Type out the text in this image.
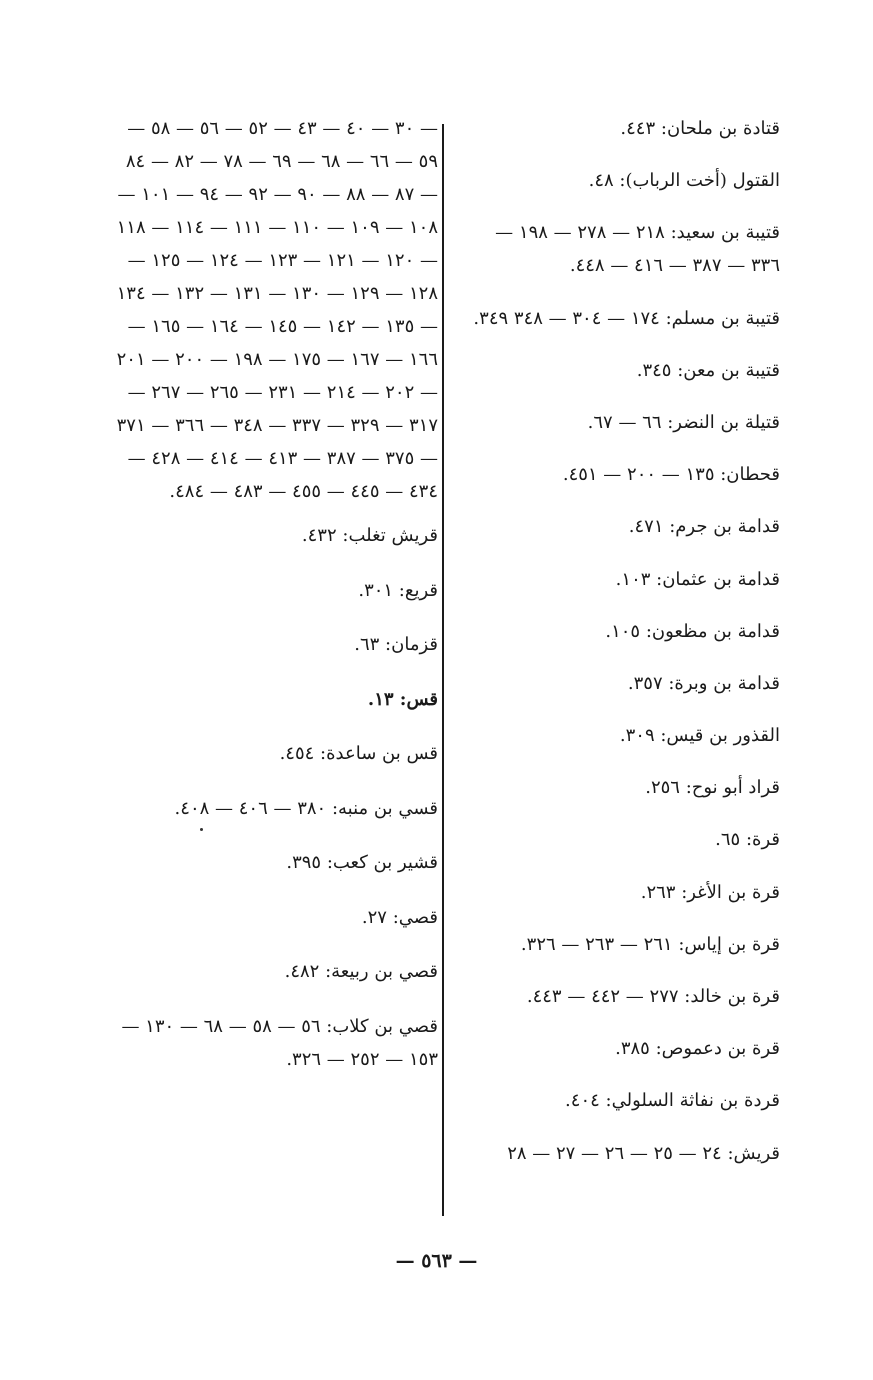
قتادة بن ملحان: ٤٤٣.
القتول (أخت الرباب): ٤٨.
قتيبة بن سعيد: ٢١٨ — ٢٧٨ — ١٩٨ — ٣٣٦ — ٣٨٧ — ٤١٦ — ٤٤٨.
قتيبة بن مسلم: ١٧٤ — ٣٠٤ — ٣٤٨ ٣٤٩.
قتيبة بن معن: ٣٤٥.
قتيلة بن النضر: ٦٦ — ٦٧.
قحطان: ١٣٥ — ٢٠٠ — ٤٥١.
قدامة بن جرم: ٤٧١.
قدامة بن عثمان: ١٠٣.
قدامة بن مظعون: ١٠٥.
قدامة بن وبرة: ٣٥٧.
القذور بن قيس: ٣٠٩.
قراد أبو نوح: ٢٥٦.
قرة: ٦٥.
قرة بن الأغر: ٢٦٣.
قرة بن إياس: ٢٦١ — ٢٦٣ — ٣٢٦.
قرة بن خالد: ٢٧٧ — ٤٤٢ — ٤٤٣.
قرة بن دعموص: ٣٨٥.
قردة بن نفاثة السلولي: ٤٠٤.
قريش: ٢٤ — ٢٥ — ٢٦ — ٢٧ — ٢٨
— ٣٠ — ٤٠ — ٤٣ — ٥٢ — ٥٦ — ٥٨ — ٥٩ — ٦٦ — ٦٨ — ٦٩ — ٧٨ — ٨٢ — ٨٤ — ٨٧ — ٨٨ — ٩٠ — ٩٢ — ٩٤ — ١٠١ — ١٠٨ — ١٠٩ — ١١٠ — ١١١ — ١١٤ — ١١٨ — ١٢٠ — ١٢١ — ١٢٣ — ١٢٤ — ١٢٥ — ١٢٨ — ١٢٩ — ١٣٠ — ١٣١ — ١٣٢ — ١٣٤ — ١٣٥ — ١٤٢ — ١٤٥ — ١٦٤ — ١٦٥ — ١٦٦ — ١٦٧ — ١٧٥ — ١٩٨ — ٢٠٠ — ٢٠١ — ٢٠٢ — ٢١٤ — ٢٣١ — ٢٦٥ — ٢٦٧ — ٣١٧ — ٣٢٩ — ٣٣٧ — ٣٤٨ — ٣٦٦ — ٣٧١ — ٣٧٥ — ٣٨٧ — ٤١٣ — ٤١٤ — ٤٢٨ — ٤٣٤ — ٤٤٥ — ٤٥٥ — ٤٨٣ — ٤٨٤.
قريش تغلب: ٤٣٢.
قريع: ٣٠١.
قزمان: ٦٣.
قس: ١٣.
قس بن ساعدة: ٤٥٤.
قسي بن منبه: ٣٨٠ — ٤٠٦ — ٤٠٨.
قشير بن كعب: ٣٩٥.
قصي: ٢٧.
قصي بن ربيعة: ٤٨٢.
قصي بن كلاب: ٥٦ — ٥٨ — ٦٨ — ١٣٠ — ١٥٣ — ٢٥٢ — ٣٢٦.
— ٥٦٣ —
